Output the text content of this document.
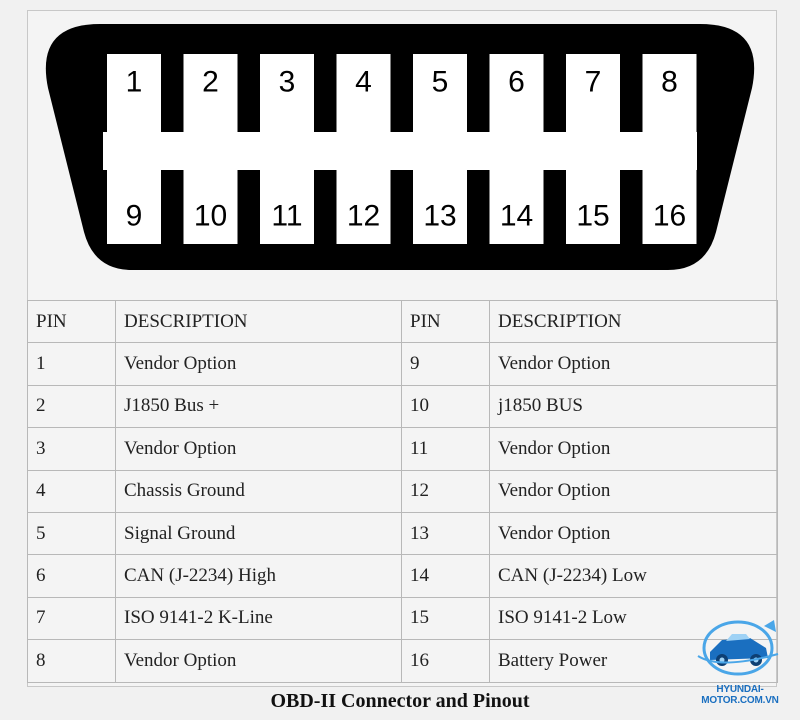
1 2 3 4 5 6 7 8
9 10 11 12 13 14 15 16
PIN	DESCRIPTION	PIN	DESCRIPTION
1	Vendor Option	9	Vendor Option
2	J1850 Bus +	10	j1850 BUS
3	Vendor Option	11	Vendor Option
4	Chassis Ground	12	Vendor Option
5	Signal Ground	13	Vendor Option
6	CAN (J-2234) High	14	CAN (J-2234) Low
7	ISO 9141-2 K-Line	15	ISO 9141-2 Low
8	Vendor Option	16	Battery Power
OBD-II Connector and Pinout
HYUNDAI-MOTOR.COM.VN
